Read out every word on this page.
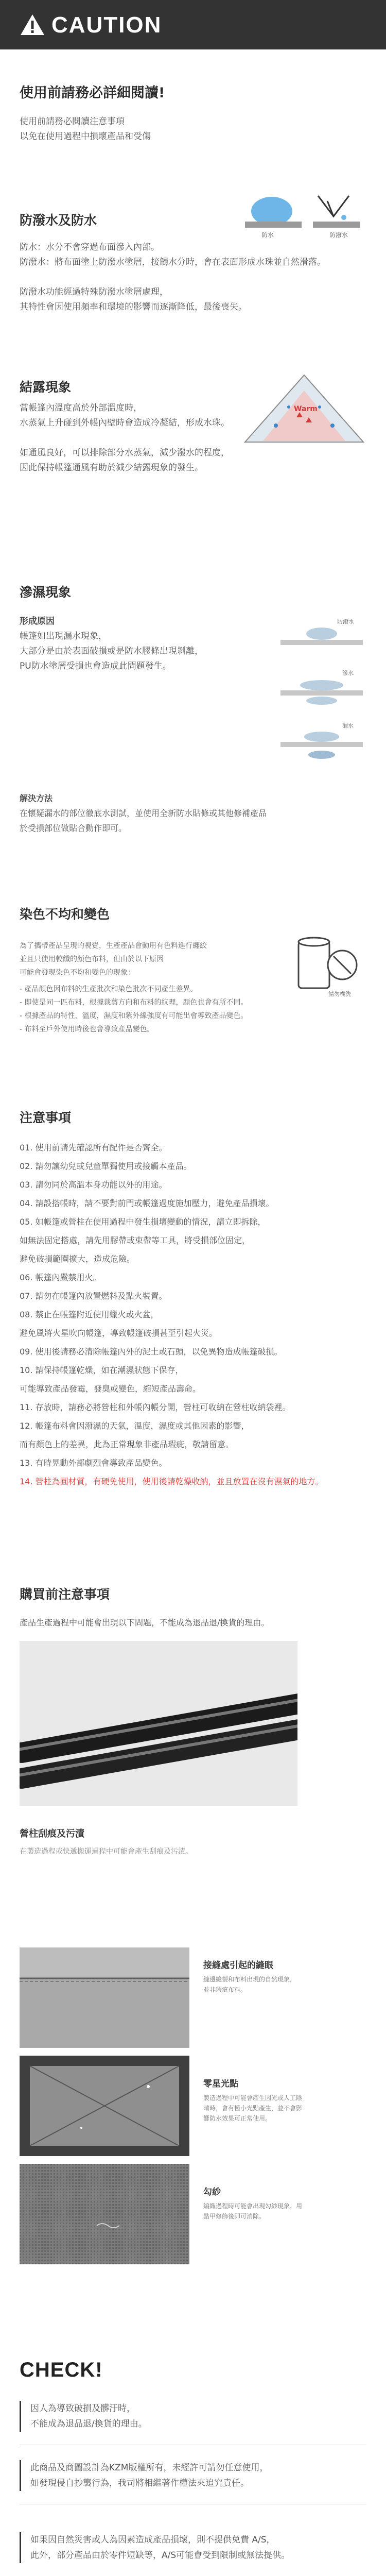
CAUTION
使用前請務必詳細閱讀!
使用前請務必閱讀注意事項
以免在使用過程中損壞產品和受傷
防潑水及防水
防水	防潑水
防水：水分不會穿過布面滲入內部。
防潑水：將布面塗上防潑水塗層，接觸水分時，會在表面形成水珠並自然滑落。
防潑水功能經過特殊防潑水塗層處理，
其特性會因使用頻率和環境的影響而逐漸降低，最後喪失。
結露現象
Warm
當帳篷內溫度高於外部溫度時，
水蒸氣上升碰到外帳內壁時會造成冷凝結，形成水珠。
如通風良好，可以排除部分水蒸氣，減少潑水的程度，
因此保持帳篷通風有助於減少結露現象的發生。
滲濕現象
形成原因
帳篷如出現漏水現象，
大部分是由於表面破損或是防水膠條出現剝離，
PU防水塗層受損也會造成此問題發生。
防潑水
滲水
漏水
解決方法
在懷疑漏水的部位徹底水測試，並使用全新防水貼條或其他修補產品
於受損部位做貼合動作即可。
染色不均和變色
請勿機洗
為了攜帶產品呈現的視覺，生產產品會動用有色料進行纏絞
並且只使用較纖的顏色布料，但由於以下原因
可能會發現染色不均和變色的現象：
- 產品顏色因布料的生產批次和染色批次不同產生差異。
- 即使是同一匹布料，根據裁剪方向和布料的紋理，顏色也會有所不同。
- 根據產品的特性，溫度，濕度和紫外線強度有可能出會導致產品變色。
- 布料至戶外使用時後也會導致產品變色。
注意事項
01. 使用前請先確認所有配件是否齊全。
02. 請勿讓幼兒或兒童單獨使用或接觸本產品。
03. 請勿同於高溫本身功能以外的用途。
04. 請設搭帳時，請不要對前門或帳篷過度施加壓力，避免產品損壞。
05. 如帳篷或營柱在使用過程中發生損壞變動的情況，請立即拆除，
如無法固定搭處，請先用膠帶或束帶等工具，將受損部位固定，
避免破損範圍擴大，造成危險。
06. 帳篷內嚴禁用火。
07. 請勿在帳篷內放置燃料及點火裝置。
08. 禁止在帳篷附近使用蠟火或火盆，
避免風將火星吹向帳篷，導致帳篷破損甚至引起火災。
09. 使用後請務必清除帳篷內外的泥土或石頭，以免異物造成帳篷破損。
10. 請保持帳篷乾燥，如在潮濕狀態下保存，
可能導致產品發霉，發臭或變色，縮短產品壽命。
11. 存放時，請務必將營柱和外帳內帳分開，營柱可收納在營柱收納袋裡。
12. 帳篷布料會因潑濕的天氣，溫度，濕度或其他因素的影響，
而有顏色上的差異，此為正常現象非產品瑕疵，敬請留意。
13. 有時晃動外部劇烈會導致產品變色。
14. 營柱為圓材質，有硬免使用，使用後請乾燥收納，並且放置在沒有濕氣的地方。
購買前注意事項
產品生產過程中可能會出現以下問題，不能成為退品退/換貨的理由。
營柱刮痕及污漬
在製造過程或快遞搬運過程中可能會產生刮痕及污漬。
接縫處引起的縫眼
縫邊縫製和布料出現的自然現象，並非瑕疵布料。
零星光點
製造過程中可能會產生因光或人工陰晴時，會有極小光點產生，並不會影響防水效果可正常使用。
勾紗
編織過程時可能會出現勾紗現象，用點甲修飾後即可消除。
CHECK!
因人為導致破損及髒汙時，
不能成為退品退/換貨的理由。
此商品及商圖設計為KZM版權所有，未經許可請勿任意使用，
如發現侵自抄襲行為，我司將相繼著作權法來追究責任。
如果因自然災害或人為因素造成產品損壞，則不提供免費 A/S，
此外，部分產品由於零件短缺等，A/S可能會受到限制或無法提供。
